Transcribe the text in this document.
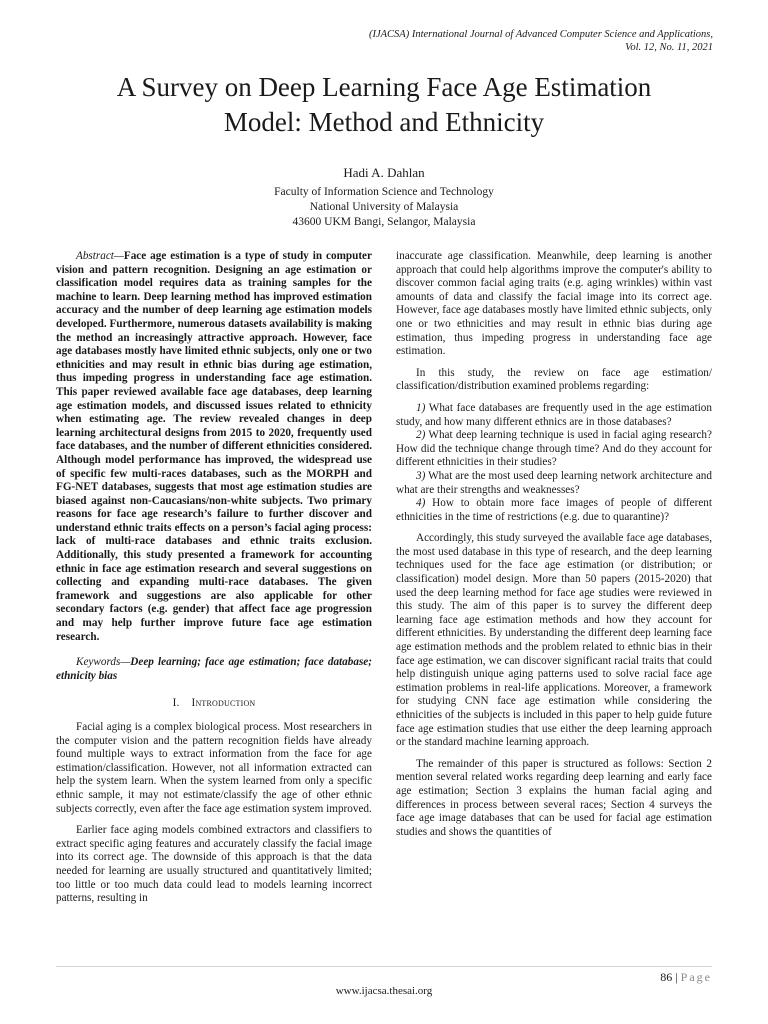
(IJACSA) International Journal of Advanced Computer Science and Applications,
Vol. 12, No. 11, 2021
A Survey on Deep Learning Face Age Estimation
Model: Method and Ethnicity
Hadi A. Dahlan
Faculty of Information Science and Technology
National University of Malaysia
43600 UKM Bangi, Selangor, Malaysia

Abstract—Face age estimation is a type of study in computer vision and pattern recognition. Designing an age estimation or classification model requires data as training samples for the machine to learn. Deep learning method has improved estimation accuracy and the number of deep learning age estimation models developed. Furthermore, numerous datasets availability is making the method an increasingly attractive approach. However, face age databases mostly have limited ethnic subjects, only one or two ethnicities and may result in ethnic bias during age estimation, thus impeding progress in understanding face age estimation. This paper reviewed available face age databases, deep learning age estimation models, and discussed issues related to ethnicity when estimating age. The review revealed changes in deep learning architectural designs from 2015 to 2020, frequently used face databases, and the number of different ethnicities considered. Although model performance has improved, the widespread use of specific few multi-races databases, such as the MORPH and FG-NET databases, suggests that most age estimation studies are biased against non-Caucasians/non-white subjects. Two primary reasons for face age research’s failure to further discover and understand ethnic traits effects on a person’s facial aging process: lack of multi-race databases and ethnic traits exclusion. Additionally, this study presented a framework for accounting ethnic in face age estimation research and several suggestions on collecting and expanding multi-race databases. The given framework and suggestions are also applicable for other secondary factors (e.g. gender) that affect face age progression and may help further improve future face age estimation research.

Keywords—Deep learning; face age estimation; face database; ethnicity bias

I. Introduction

Facial aging is a complex biological process. Most researchers in the computer vision and the pattern recognition fields have already found multiple ways to extract information from the face for age estimation/classification. However, not all information extracted can help the system learn. When the system learned from only a specific ethnic sample, it may not estimate/classify the age of other ethnic subjects correctly, even after the face age estimation system improved.

Earlier face aging models combined extractors and classifiers to extract specific aging features and accurately classify the facial image into its correct age. The downside of this approach is that the data needed for learning are usually structured and quantitatively limited; too little or too much data could lead to models learning incorrect patterns, resulting in

inaccurate age classification. Meanwhile, deep learning is another approach that could help algorithms improve the computer's ability to discover common facial aging traits (e.g. aging wrinkles) within vast amounts of data and classify the facial image into its correct age. However, face age databases mostly have limited ethnic subjects, only one or two ethnicities and may result in ethnic bias during age estimation, thus impeding progress in understanding face age estimation.

In this study, the review on face age estimation/ classification/distribution examined problems regarding:

1) What face databases are frequently used in the age estimation study, and how many different ethnics are in those databases?

2) What deep learning technique is used in facial aging research? How did the technique change through time? And do they account for different ethnicities in their studies?

3) What are the most used deep learning network architecture and what are their strengths and weaknesses?

4) How to obtain more face images of people of different ethnicities in the time of restrictions (e.g. due to quarantine)?

Accordingly, this study surveyed the available face age databases, the most used database in this type of research, and the deep learning techniques used for the face age estimation (or distribution; or classification) model design. More than 50 papers (2015-2020) that used the deep learning method for face age studies were reviewed in this study. The aim of this paper is to survey the different deep learning face age estimation methods and how they account for different ethnicities. By understanding the different deep learning face age estimation methods and the problem related to ethnic bias in their face age estimation, we can discover significant racial traits that could help distinguish unique aging patterns used to solve racial face age estimation problems in real-life applications. Moreover, a framework for studying CNN face age estimation while considering the ethnicities of the subjects is included in this paper to help guide future face age estimation studies that use either the deep learning approach or the standard machine learning approach.

The remainder of this paper is structured as follows: Section 2 mention several related works regarding deep learning and early face age estimation; Section 3 explains the human facial aging and differences in process between several races; Section 4 surveys the face age image databases that can be used for facial age estimation studies and shows the quantities of

86 | Page
www.ijacsa.thesai.org
